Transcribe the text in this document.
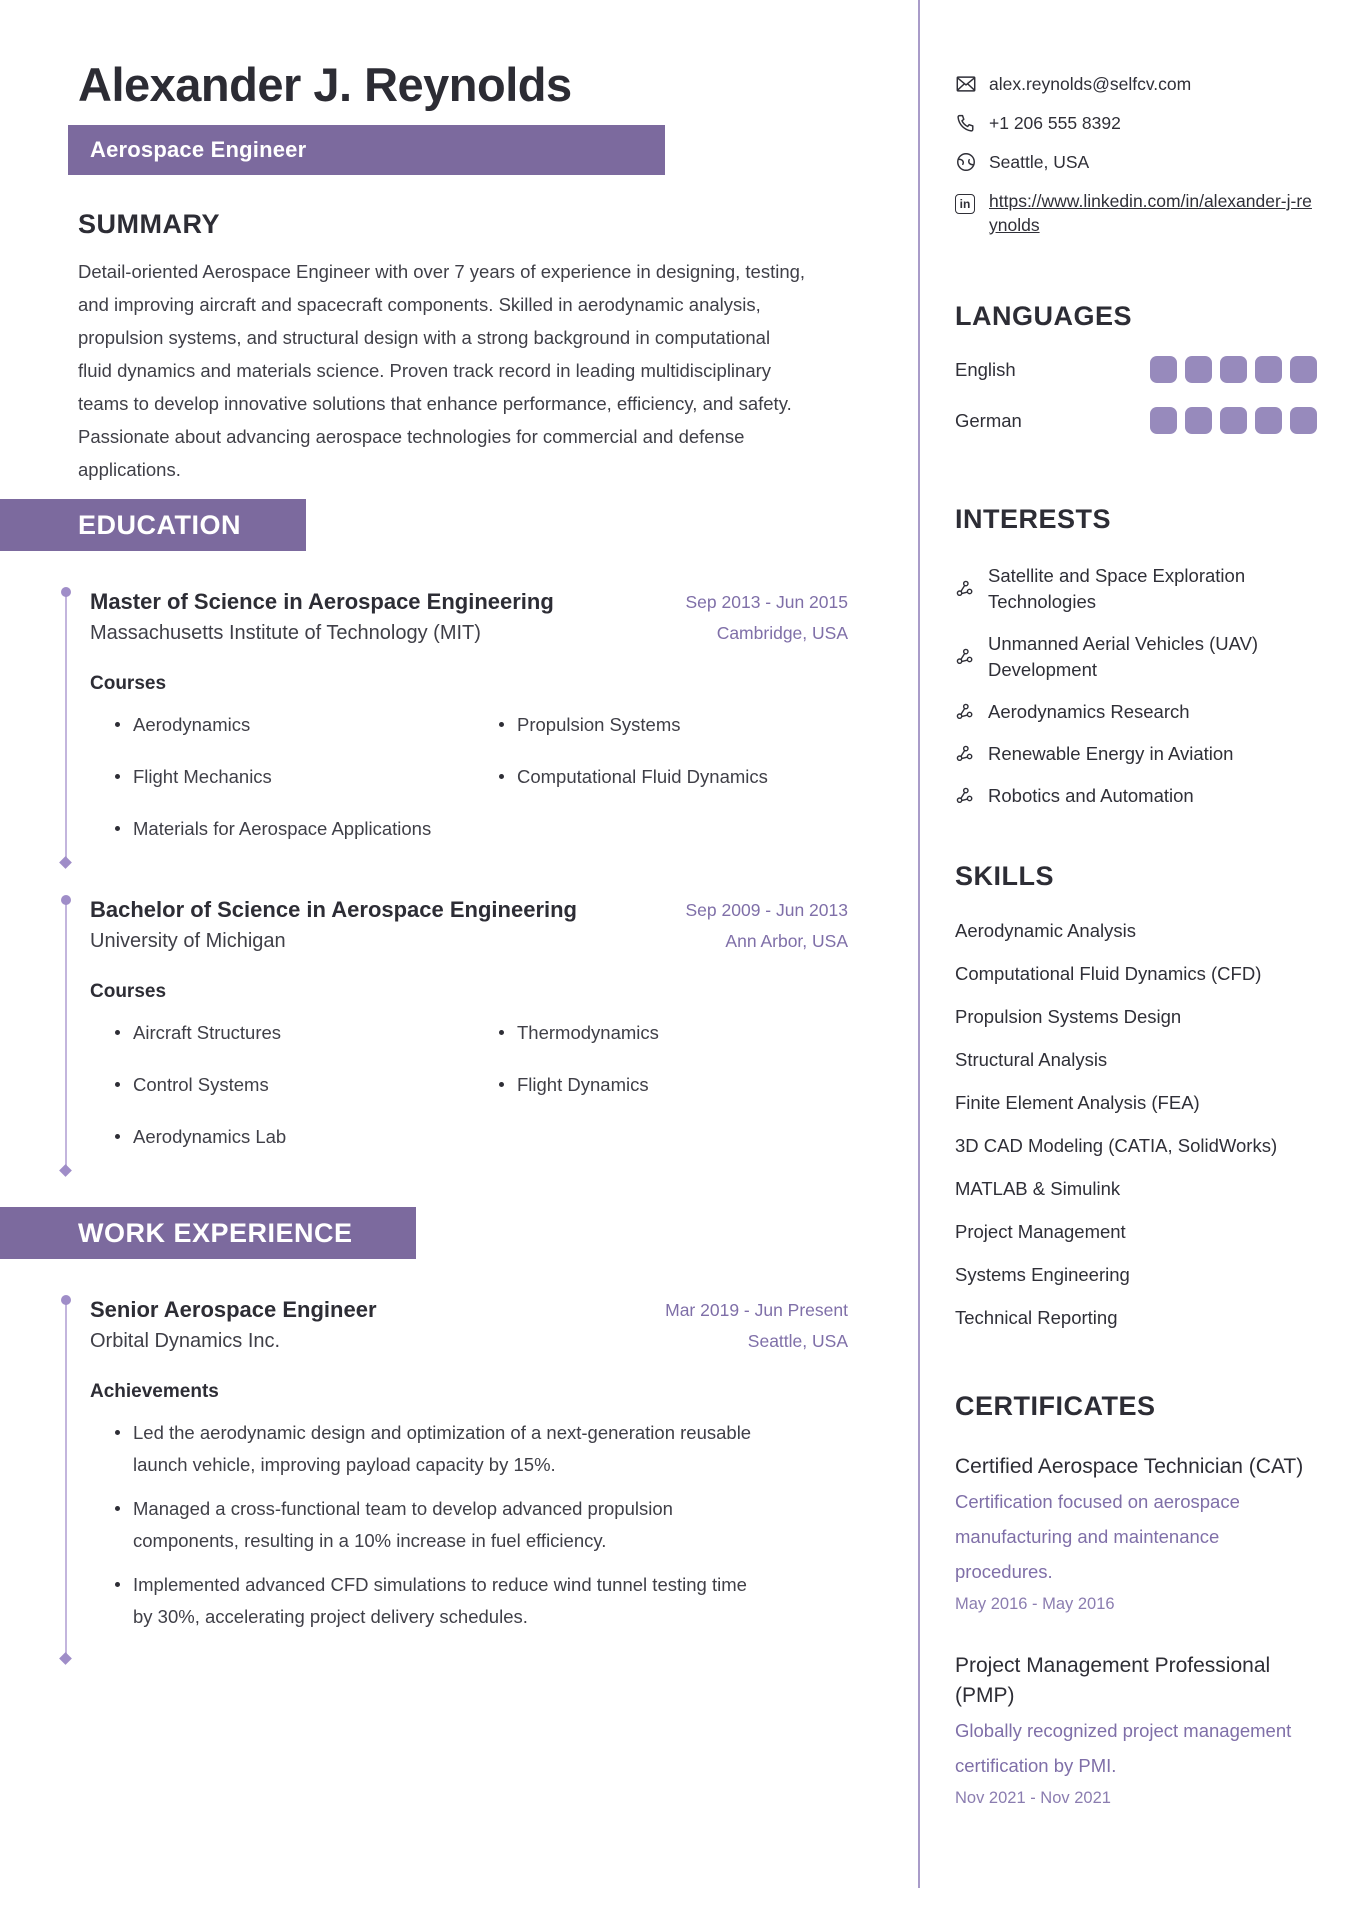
Alexander J. Reynolds
Aerospace Engineer
SUMMARY

Detail-oriented Aerospace Engineer with over 7 years of experience in designing, testing, and improving aircraft and spacecraft components. Skilled in aerodynamic analysis, propulsion systems, and structural design with a strong background in computational fluid dynamics and materials science. Proven track record in leading multidisciplinary teams to develop innovative solutions that enhance performance, efficiency, and safety. Passionate about advancing aerospace technologies for commercial and defense applications.

EDUCATION
Master of Science in Aerospace Engineering
Massachusetts Institute of Technology (MIT)
Sep 2013 - Jun 2015
Cambridge, USA
Courses
Aerodynamics
Flight Mechanics
Materials for Aerospace Applications
Propulsion Systems
Computational Fluid Dynamics
Bachelor of Science in Aerospace Engineering
University of Michigan
Sep 2009 - Jun 2013
Ann Arbor, USA
Courses
Aircraft Structures
Control Systems
Aerodynamics Lab
Thermodynamics
Flight Dynamics
WORK EXPERIENCE
Senior Aerospace Engineer
Orbital Dynamics Inc.
Mar 2019 - Jun Present
Seattle, USA
Achievements
Led the aerodynamic design and optimization of a next-generation reusable launch vehicle, improving payload capacity by 15%.
Managed a cross-functional team to develop advanced propulsion components, resulting in a 10% increase in fuel efficiency.
Implemented advanced CFD simulations to reduce wind tunnel testing time by 30%, accelerating project delivery schedules.
alex.reynolds@selfcv.com
+1 206 555 8392
Seattle, USA
in	https://www.linkedin.com/in/alexander-j-reynolds
LANGUAGES
English
German
INTERESTS
Satellite and Space Exploration Technologies
Unmanned Aerial Vehicles (UAV) Development
Aerodynamics Research
Renewable Energy in Aviation
Robotics and Automation
SKILLS
Aerodynamic Analysis
Computational Fluid Dynamics (CFD)
Propulsion Systems Design
Structural Analysis
Finite Element Analysis (FEA)
3D CAD Modeling (CATIA, SolidWorks)
MATLAB & Simulink
Project Management
Systems Engineering
Technical Reporting
CERTIFICATES
Certified Aerospace Technician (CAT)
Certification focused on aerospace manufacturing and maintenance procedures.
May 2016 - May 2016
Project Management Professional (PMP)
Globally recognized project management certification by PMI.
Nov 2021 - Nov 2021
